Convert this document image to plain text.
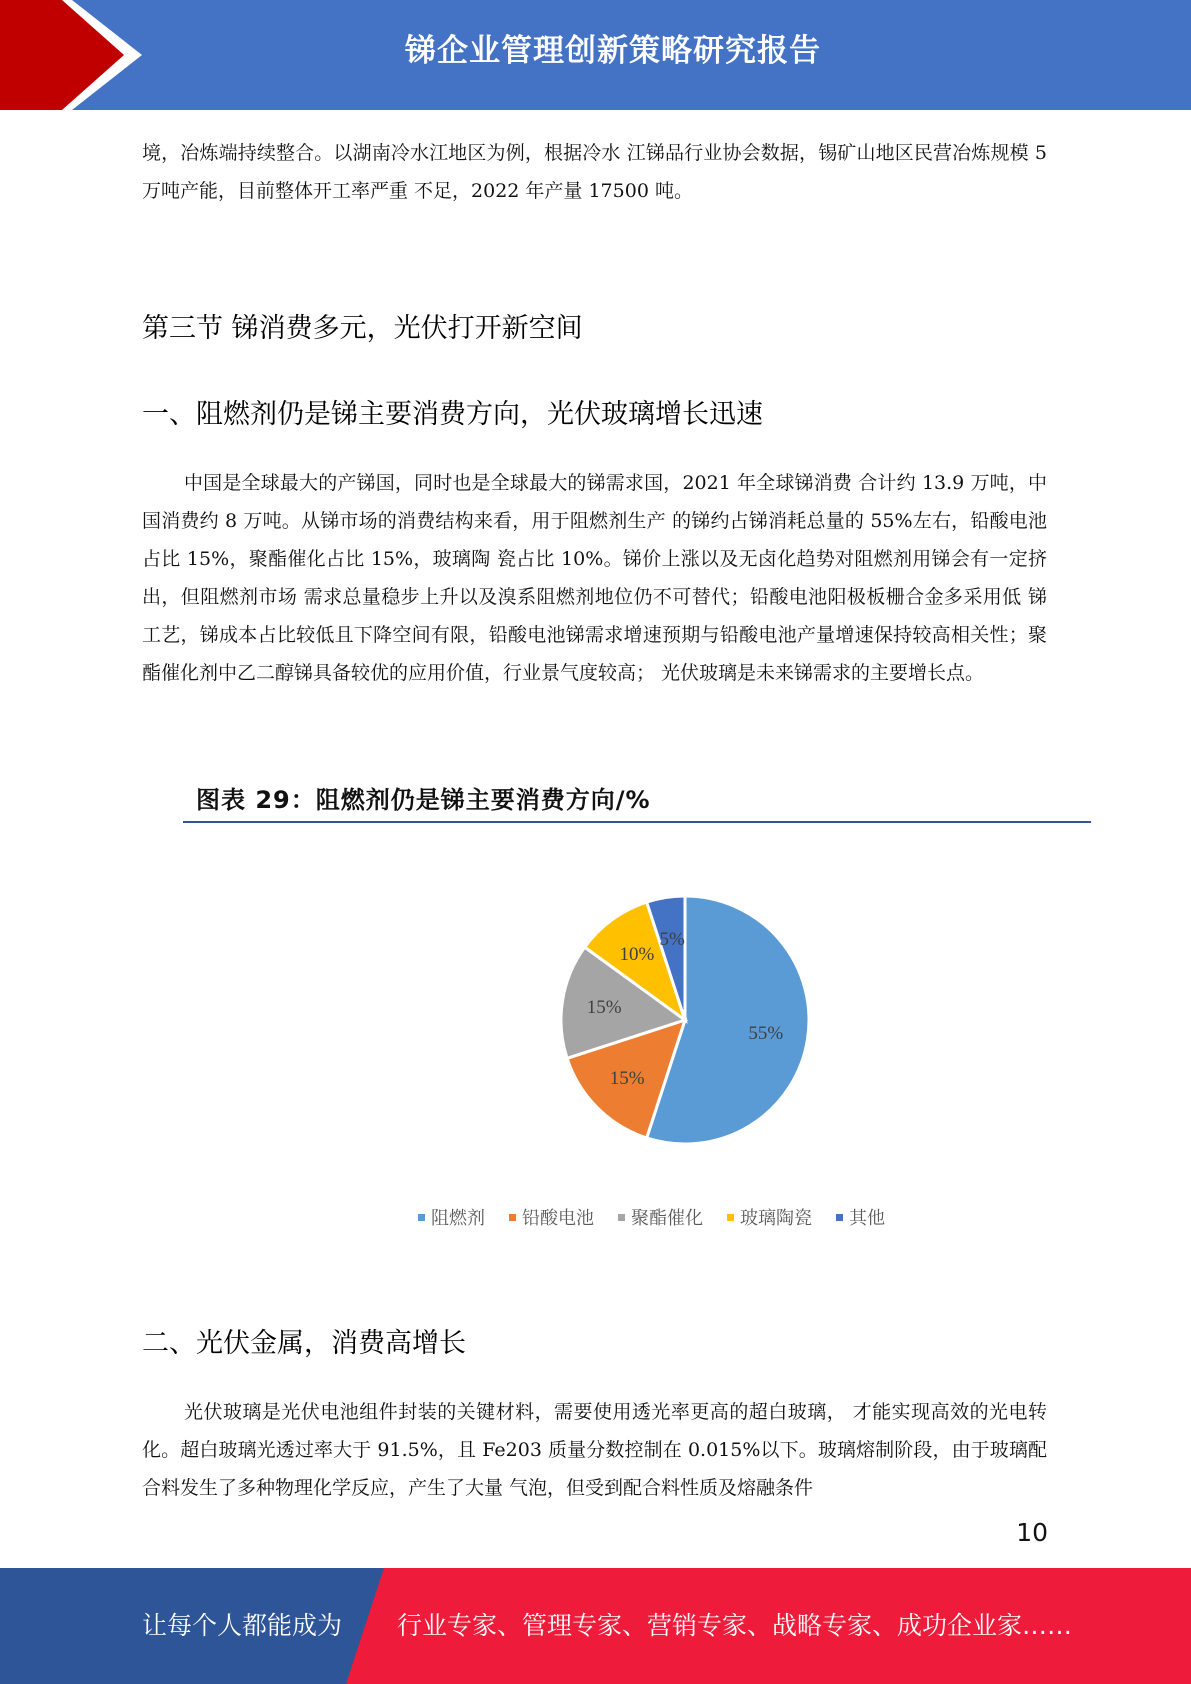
锑企业管理创新策略研究报告

境，冶炼端持续整合。以湖南冷水江地区为例，根据冷水 江锑品行业协会数据，锡矿山地区民营冶炼规模 5 万吨产能，目前整体开工率严重 不足，2022 年产量 17500 吨。

第三节 锑消费多元，光伏打开新空间
一、阻燃剂仍是锑主要消费方向，光伏玻璃增长迅速

中国是全球最大的产锑国，同时也是全球最大的锑需求国，2021 年全球锑消费 合计约 13.9 万吨，中国消费约 8 万吨。从锑市场的消费结构来看，用于阻燃剂生产 的锑约占锑消耗总量的 55%左右，铅酸电池占比 15%，聚酯催化占比 15%，玻璃陶 瓷占比 10%。锑价上涨以及无卤化趋势对阻燃剂用锑会有一定挤出，但阻燃剂市场 需求总量稳步上升以及溴系阻燃剂地位仍不可替代；铅酸电池阳极板栅合金多采用低 锑工艺，锑成本占比较低且下降空间有限，铅酸电池锑需求增速预期与铅酸电池产量增速保持较高相关性；聚酯催化剂中乙二醇锑具备较优的应用价值，行业景气度较高； 光伏玻璃是未来锑需求的主要增长点。

图表 29：阻燃剂仍是锑主要消费方向/%
55%
15%
15%
10%
5%
阻燃剂 铅酸电池 聚酯催化 玻璃陶瓷 其他
二、光伏金属，消费高增长

光伏玻璃是光伏电池组件封装的关键材料，需要使用透光率更高的超白玻璃， 才能实现高效的光电转化。超白玻璃光透过率大于 91.5%，且 Fe203 质量分数控制在 0.015%以下。玻璃熔制阶段，由于玻璃配合料发生了多种物理化学反应，产生了大量 气泡，但受到配合料性质及熔融条件

10
让每个人都能成为 行业专家、管理专家、营销专家、战略专家、成功企业家……
